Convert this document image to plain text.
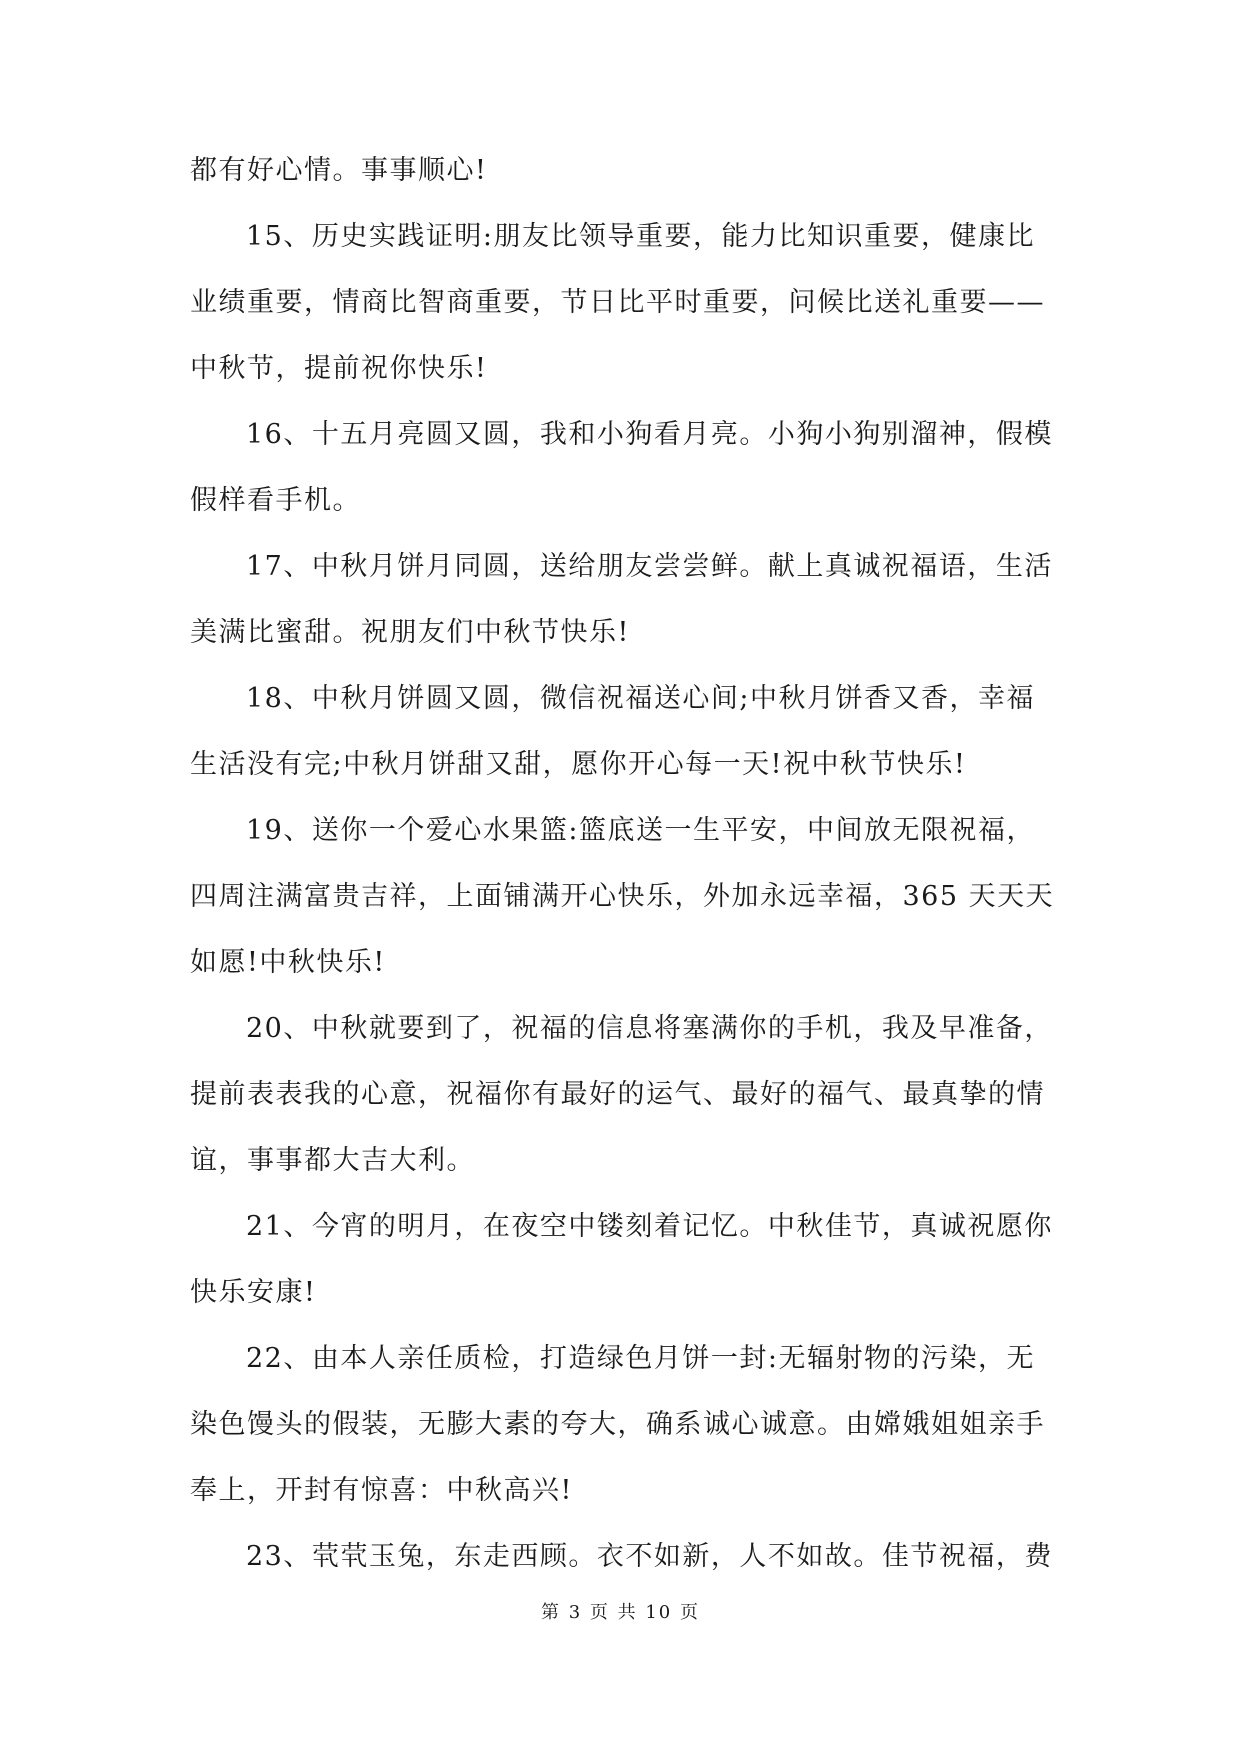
都有好心情。事事顺心!
15、历史实践证明:朋友比领导重要，能力比知识重要，健康比
业绩重要，情商比智商重要，节日比平时重要，问候比送礼重要——
中秋节，提前祝你快乐!
16、十五月亮圆又圆，我和小狗看月亮。小狗小狗别溜神，假模
假样看手机。
17、中秋月饼月同圆，送给朋友尝尝鲜。献上真诚祝福语，生活
美满比蜜甜。祝朋友们中秋节快乐!
18、中秋月饼圆又圆，微信祝福送心间;中秋月饼香又香，幸福
生活没有完;中秋月饼甜又甜，愿你开心每一天!祝中秋节快乐!
19、送你一个爱心水果篮:篮底送一生平安，中间放无限祝福，
四周注满富贵吉祥，上面铺满开心快乐，外加永远幸福，365 天天天
如愿!中秋快乐!
20、中秋就要到了，祝福的信息将塞满你的手机，我及早准备，
提前表表我的心意，祝福你有最好的运气、最好的福气、最真挚的情
谊，事事都大吉大利。
21、今宵的明月，在夜空中镂刻着记忆。中秋佳节，真诚祝愿你
快乐安康!
22、由本人亲任质检，打造绿色月饼一封:无辐射物的污染，无
染色馒头的假装，无膨大素的夸大，确系诚心诚意。由嫦娥姐姐亲手
奉上，开封有惊喜：中秋高兴!
23、茕茕玉兔，东走西顾。衣不如新，人不如故。佳节祝福，费
第 3 页 共 10 页
